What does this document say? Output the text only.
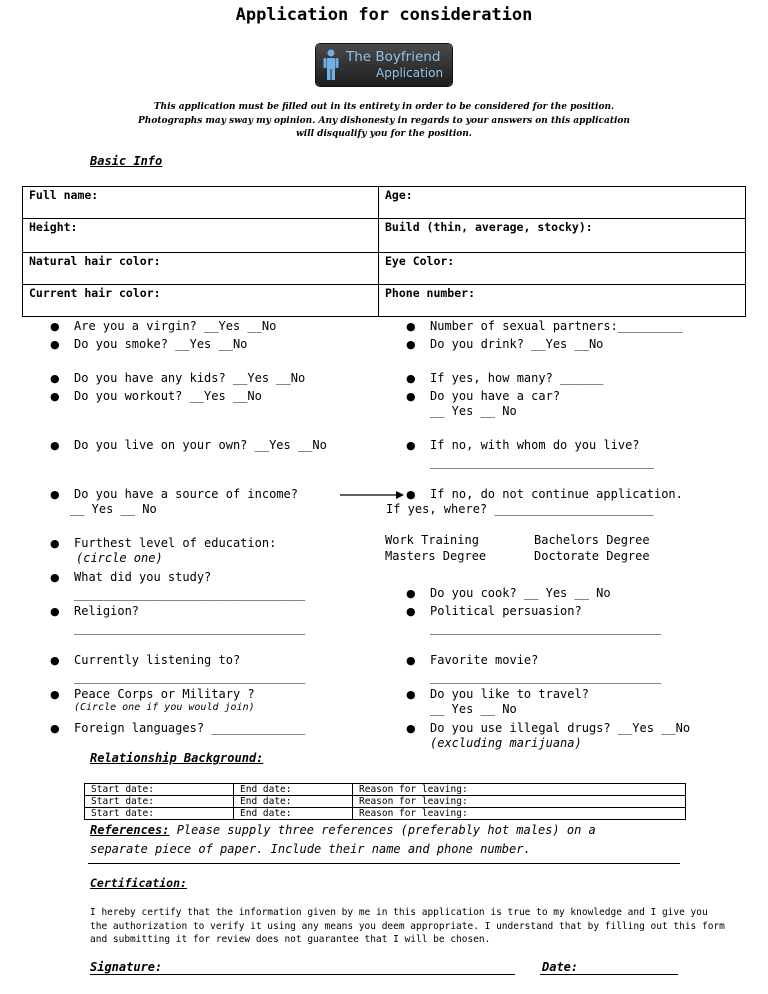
Application for consideration
The Boyfriend
Application
This application must be filled out in its entirety in order to be considered for the position.
Photographs may sway my opinion. Any dishonesty in regards to your answers on this application
will disqualify you for the position.
Basic Info
Full name:	Age:
Height:	Build (thin, average, stocky):
Natural hair color:	Eye Color:
Current hair color:	Phone number:
● Are you a virgin? __Yes __No
● Do you smoke? __Yes __No
● Do you have any kids? __Yes __No
● Do you workout? __Yes __No
● Do you live on your own? __Yes __No
● Do you have a source of income?
__ Yes __ No
● Furthest level of education:
(circle one)
● What did you study?
________________________________
● Religion?
________________________________
● Currently listening to?
________________________________
● Peace Corps or Military ?
(Circle one if you would join)
● Foreign languages? _____________
● Number of sexual partners:_________
● Do you drink? __Yes __No
● If yes, how many? ______
● Do you have a car?
__ Yes __ No
● If no, with whom do you live?
_______________________________
● If no, do not continue application.
If yes, where? ______________________
Work Training	Bachelors Degree
Masters Degree	Doctorate Degree
● Do you cook? __ Yes __ No
● Political persuasion?
________________________________
● Favorite movie?
________________________________
● Do you like to travel?
__ Yes __ No
● Do you use illegal drugs? __Yes __No
(excluding marijuana)
Relationship Background:
Start date:	End date:	Reason for leaving:
Start date:	End date:	Reason for leaving:
Start date:	End date:	Reason for leaving:
References: Please supply three references (preferably hot males) on a
separate piece of paper. Include their name and phone number.
Certification:
I hereby certify that the information given by me in this application is true to my knowledge and I give you the authorization to verify it using any means you deem appropriate. I understand that by filling out this form and submitting it for review does not guarantee that I will be chosen.
Signature:	Date:
